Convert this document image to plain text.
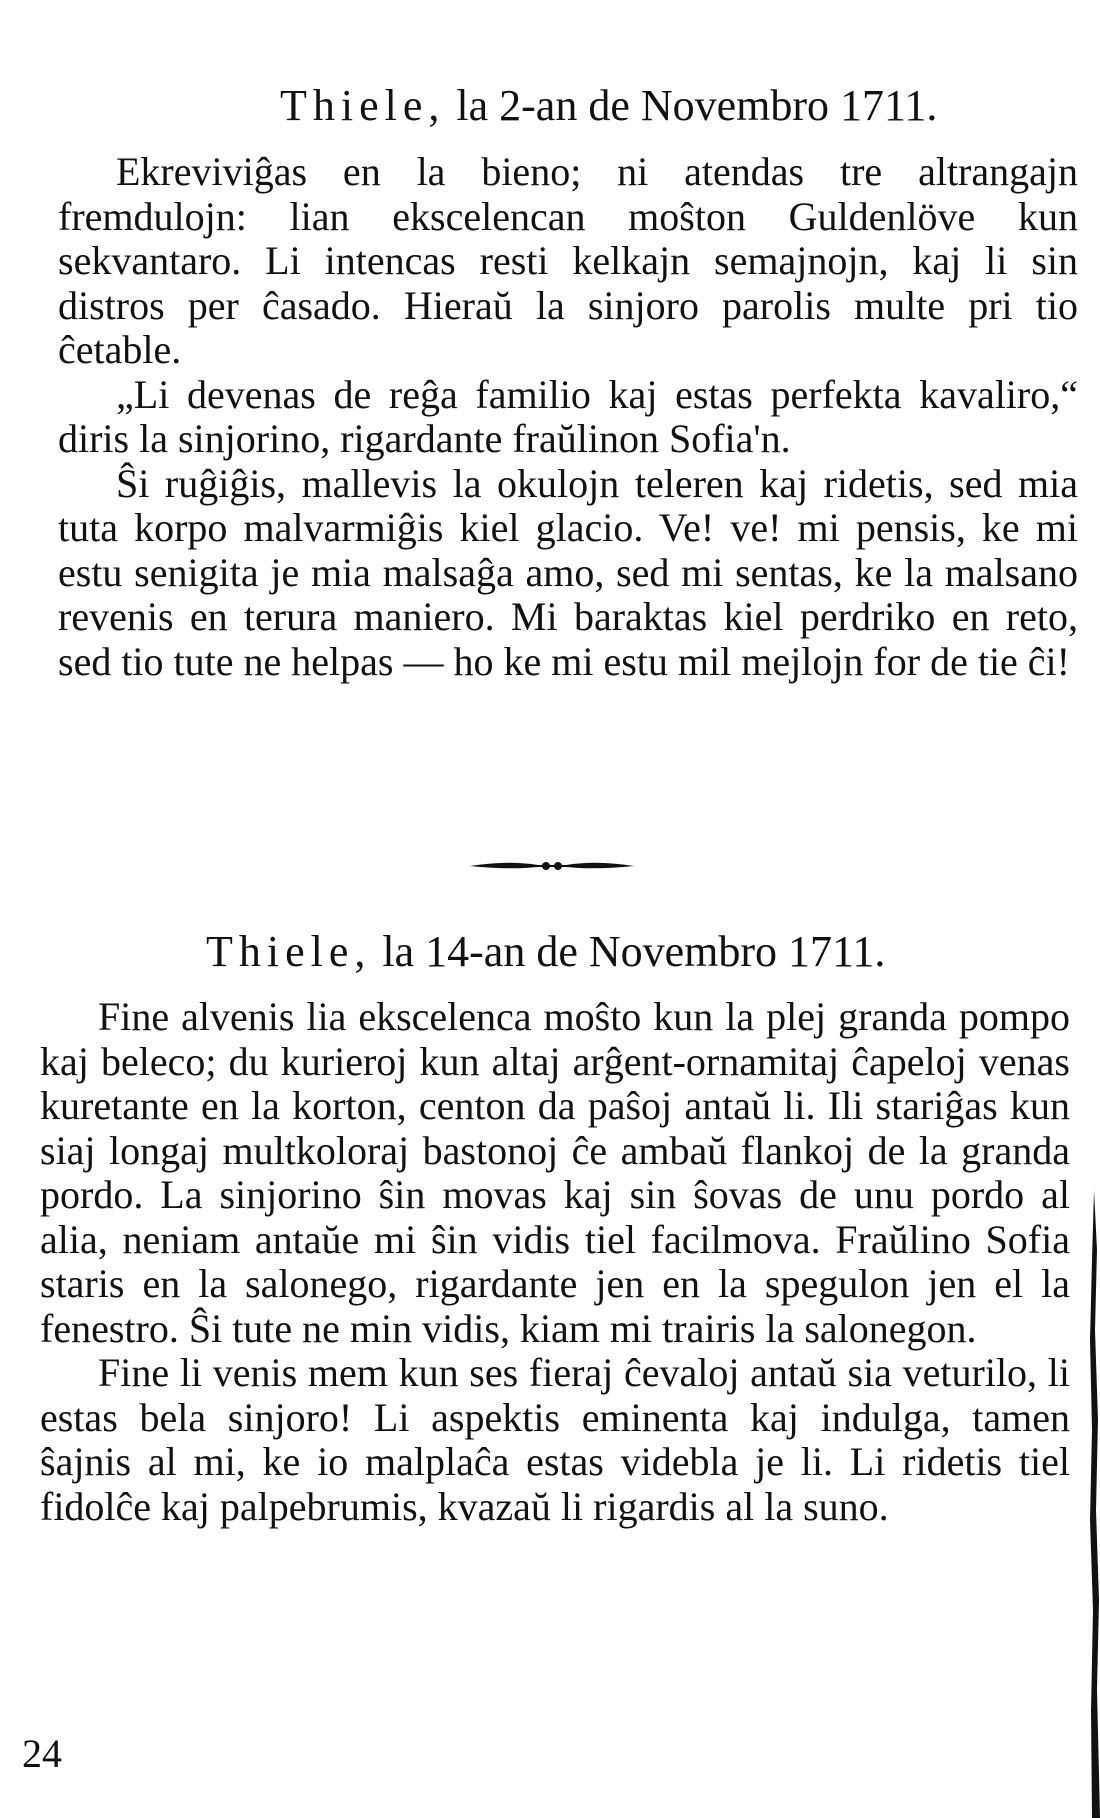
Thiele, la 2-an de Novembro 1711.

Ekreviviĝas en la bieno; ni atendas tre altrangajn fremdulojn: lian ekscelencan moŝton Guldenlöve kun sekvantaro. Li intencas resti kelkajn semajnojn, kaj li sin distros per ĉasado. Hieraŭ la sinjoro parolis multe pri tio ĉetable.

„Li devenas de reĝa familio kaj estas perfekta kavaliro,“ diris la sinjorino, rigardante fraŭlinon Sofia'n.

Ŝi ruĝiĝis, mallevis la okulojn teleren kaj ridetis, sed mia tuta korpo malvarmiĝis kiel glacio. Ve! ve! mi pensis, ke mi estu senigita je mia malsaĝa amo, sed mi sentas, ke la malsano revenis en terura maniero. Mi baraktas kiel perdriko en reto, sed tio tute ne helpas — ho ke mi estu mil mejlojn for de tie ĉi!

Thiele, la 14-an de Novembro 1711.

Fine alvenis lia ekscelenca moŝto kun la plej granda pompo kaj beleco; du kurieroj kun altaj arĝent-ornamitaj ĉapeloj venas kuretante en la korton, centon da paŝoj antaŭ li. Ili stariĝas kun siaj longaj multkoloraj bastonoj ĉe ambaŭ flankoj de la granda pordo. La sinjorino ŝin movas kaj sin ŝovas de unu pordo al alia, neniam antaŭe mi ŝin vidis tiel facilmova. Fraŭlino Sofia staris en la salonego, rigardante jen en la spegulon jen el la fenestro. Ŝi tute ne min vidis, kiam mi trairis la salonegon.

Fine li venis mem kun ses fieraj ĉevaloj antaŭ sia veturilo, li estas bela sinjoro! Li aspektis eminenta kaj indulga, tamen ŝajnis al mi, ke io malplaĉa estas videbla je li. Li ridetis tiel fidolĉe kaj palpebrumis, kvazaŭ li rigardis al la suno.

24
